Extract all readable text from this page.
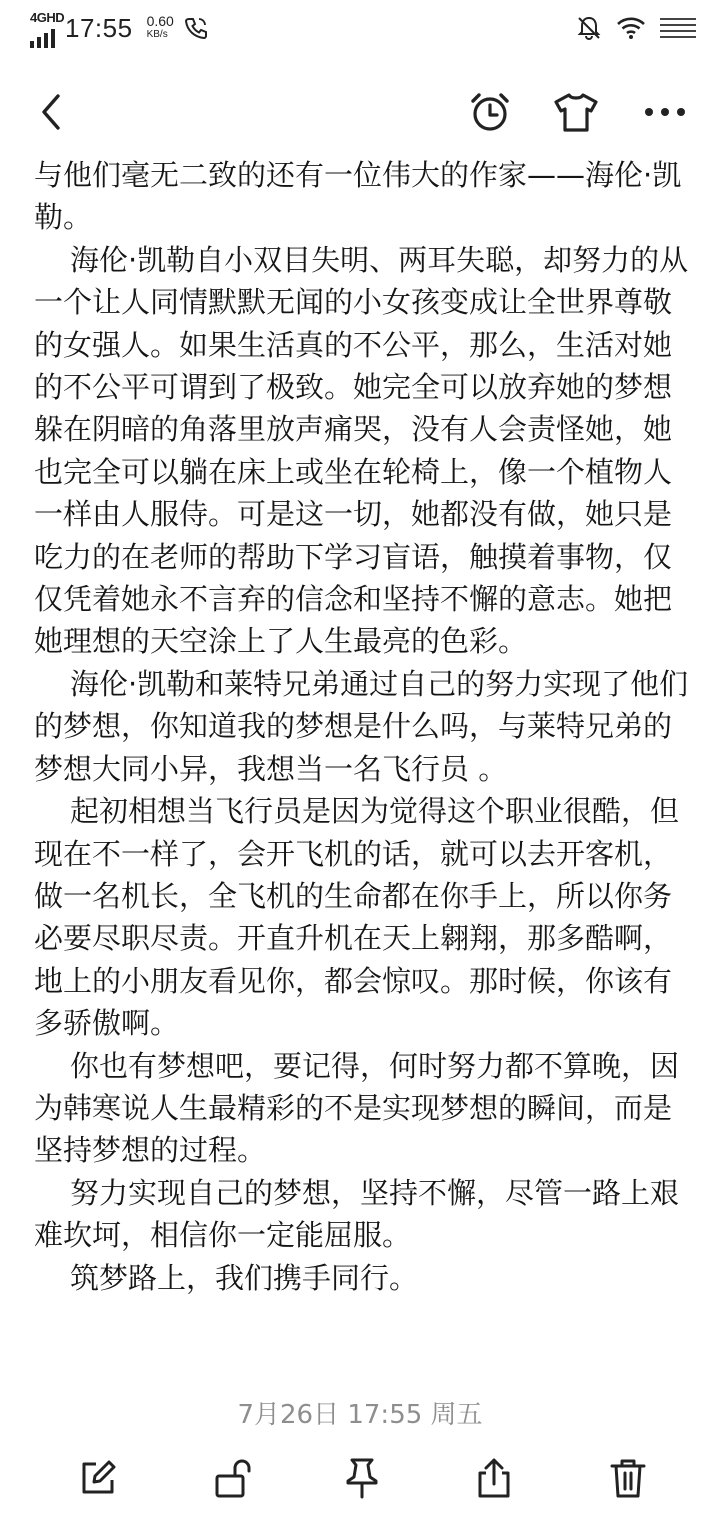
4GHD 17:55 0.60
KB/s

与他们毫无二致的还有一位伟大的作家——海伦·凯勒。

海伦·凯勒自小双目失明、两耳失聪，却努力的从一个让人同情默默无闻的小女孩变成让全世界尊敬的女强人。如果生活真的不公平，那么，生活对她的不公平可谓到了极致。她完全可以放弃她的梦想躲在阴暗的角落里放声痛哭，没有人会责怪她，她也完全可以躺在床上或坐在轮椅上，像一个植物人一样由人服侍。可是这一切，她都没有做，她只是吃力的在老师的帮助下学习盲语，触摸着事物，仅仅凭着她永不言弃的信念和坚持不懈的意志。她把她理想的天空涂上了人生最亮的色彩。

海伦·凯勒和莱特兄弟通过自己的努力实现了他们的梦想，你知道我的梦想是什么吗，与莱特兄弟的梦想大同小异，我想当一名飞行员 。

起初相想当飞行员是因为觉得这个职业很酷，但现在不一样了，会开飞机的话，就可以去开客机，做一名机长，全飞机的生命都在你手上，所以你务必要尽职尽责。开直升机在天上翱翔，那多酷啊，地上的小朋友看见你，都会惊叹。那时候，你该有多骄傲啊。

你也有梦想吧，要记得，何时努力都不算晚，因为韩寒说人生最精彩的不是实现梦想的瞬间，而是坚持梦想的过程。

努力实现自己的梦想，坚持不懈，尽管一路上艰难坎坷，相信你一定能屈服。

筑梦路上，我们携手同行。

7月26日 17:55 周五
